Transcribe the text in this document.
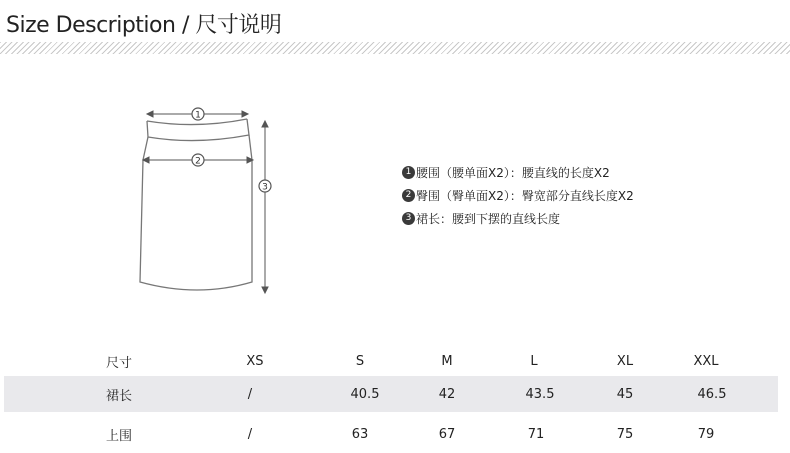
Size Description / 尺寸说明
1
2
3
1 腰围（腰单面X2）：腰直线的长度X2
2 臀围（臀单面X2）：臀宽部分直线长度X2
3 裙长：腰到下摆的直线长度
尺寸	XS	S	M	L	XL	XXL
裙长	/	40.5	42	43.5	45	46.5
上围	/	63	67	71	75	79
